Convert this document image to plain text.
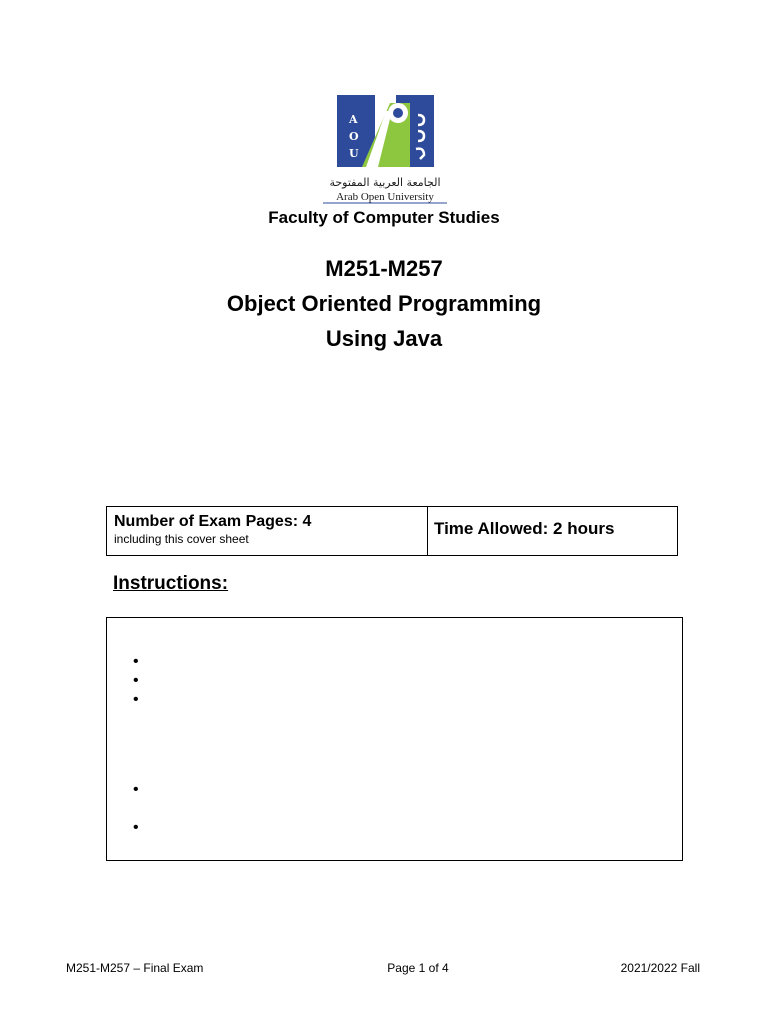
A
O
U
الجامعة العربية المفتوحة
Arab Open University
Faculty of Computer Studies
M251-M257
Object Oriented Programming
Using Java
Number of Exam Pages: 4
including this cover sheet
Time Allowed: 2 hours
Instructions:
•
•
•
•
•
M251-M257 – Final Exam	Page 1 of 4	2021/2022 Fall
